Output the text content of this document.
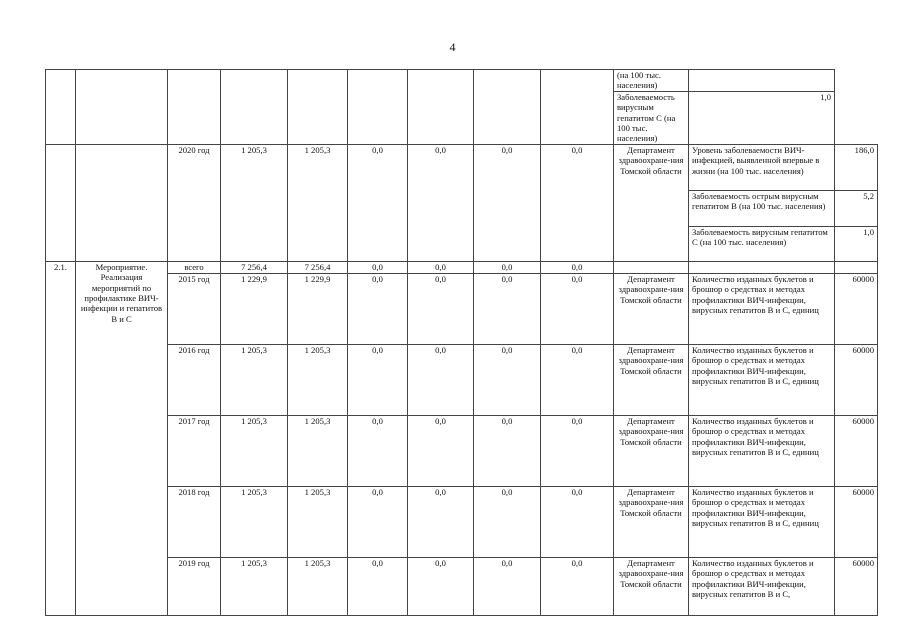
4
									(на 100 тыс. населения)		
									Заболеваемость вирусным гепатитом С (на 100 тыс. населения)	1,0	
		2020 год	1 205,3	1 205,3	0,0	0,0	0,0	0,0	Департамент здравоохране-ния Томской области	Уровень заболеваемости ВИЧ-инфекцией, выявленной впервые в жизни (на 100 тыс. населения)	186,0
										Заболеваемость острым вирусным гепатитом В (на 100 тыс. населения)	5,2
										Заболеваемость вирусным гепатитом С (на 100 тыс. населения)	1,0
2.1.	Мероприятие. Реализация мероприятий по профилактике ВИЧ-инфекции и гепатитов В и С	всего	7 256,4	7 256,4	0,0	0,0	0,0	0,0			
		2015 год	1 229,9	1 229,9	0,0	0,0	0,0	0,0	Департамент здравоохране-ния Томской области	Количество изданных буклетов и брошюр о средствах и методах профилактики ВИЧ-инфекции, вирусных гепатитов В и С, единиц	60000
		2016 год	1 205,3	1 205,3	0,0	0,0	0,0	0,0	Департамент здравоохране-ния Томской области	Количество изданных буклетов и брошюр о средствах и методах профилактики ВИЧ-инфекции, вирусных гепатитов В и С, единиц	60000
		2017 год	1 205,3	1 205,3	0,0	0,0	0,0	0,0	Департамент здравоохране-ния Томской области	Количество изданных буклетов и брошюр о средствах и методах профилактики ВИЧ-инфекции, вирусных гепатитов В и С, единиц	60000
		2018 год	1 205,3	1 205,3	0,0	0,0	0,0	0,0	Департамент здравоохране-ния Томской области	Количество изданных буклетов и брошюр о средствах и методах профилактики ВИЧ-инфекции, вирусных гепатитов В и С, единиц	60000
		2019 год	1 205,3	1 205,3	0,0	0,0	0,0	0,0	Департамент здравоохране-ния Томской области	Количество изданных буклетов и брошюр о средствах и методах профилактики ВИЧ-инфекции, вирусных гепатитов В и С,	60000
